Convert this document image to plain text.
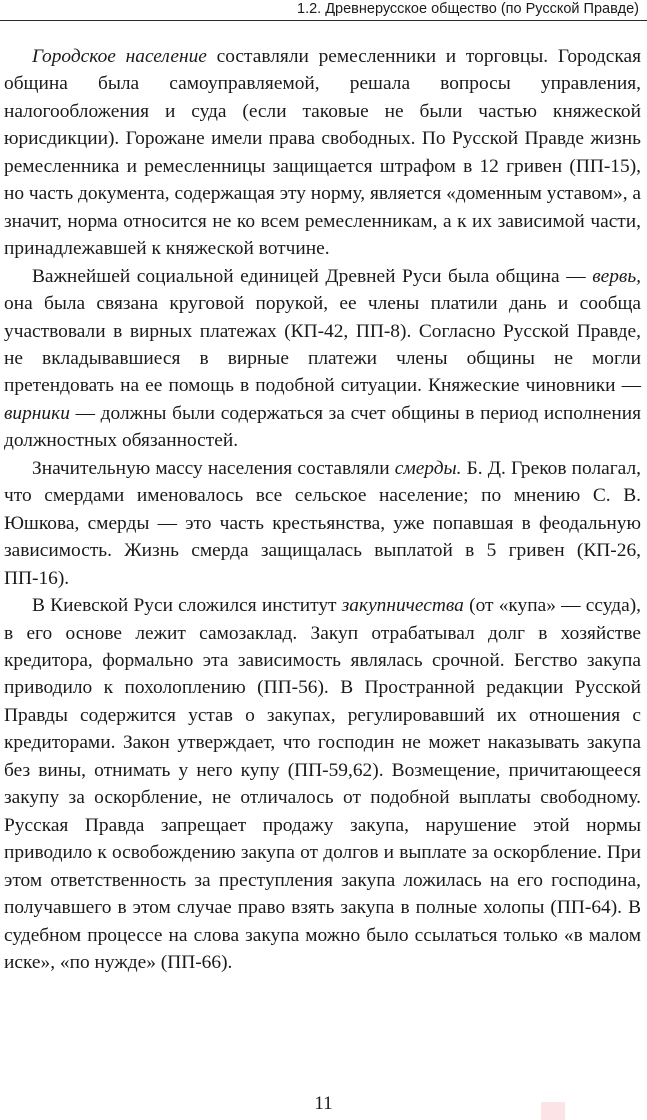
1.2. Древнерусское общество (по Русской Правде)

Городское население составляли ремесленники и торговцы. Городская община была самоуправляемой, решала вопросы управления, налогообложения и суда (если таковые не были частью княжеской юрисдикции). Горожане имели права свободных. По Русской Правде жизнь ремесленника и ремесленницы защищается штрафом в 12 гривен (ПП-15), но часть документа, содержащая эту норму, является «доменным уставом», а значит, норма относится не ко всем ремесленникам, а к их зависимой части, принадлежавшей к княжеской вотчине.

Важнейшей социальной единицей Древней Руси была община — вервь, она была связана круговой порукой, ее члены платили дань и сообща участвовали в вирных платежах (КП-42, ПП-8). Согласно Русской Правде, не вкладывавшиеся в вирные платежи члены общины не могли претендовать на ее помощь в подобной ситуации. Княжеские чиновники — вирники — должны были содержаться за счет общины в период исполнения должностных обязанностей.

Значительную массу населения составляли смерды. Б. Д. Греков полагал, что смердами именовалось все сельское население; по мнению С. В. Юшкова, смерды — это часть крестьянства, уже попавшая в феодальную зависимость. Жизнь смерда защищалась выплатой в 5 гривен (КП-26, ПП-16).

В Киевской Руси сложился институт закупничества (от «купа» — ссуда), в его основе лежит самозаклад. Закуп отрабатывал долг в хозяйстве кредитора, формально эта зависимость являлась срочной. Бегство закупа приводило к похолоплению (ПП-56). В Пространной редакции Русской Правды содержится устав о закупах, регулировавший их отношения с кредиторами. Закон утверждает, что господин не может наказывать закупа без вины, отнимать у него купу (ПП-59,62). Возмещение, причитающееся закупу за оскорбление, не отличалось от подобной выплаты свободному. Русская Правда запрещает продажу закупа, нарушение этой нормы приводило к освобождению закупа от долгов и выплате за оскорбление. При этом ответственность за преступления закупа ложилась на его господина, получавшего в этом случае право взять закупа в полные холопы (ПП-64). В судебном процессе на слова закупа можно было ссылаться только «в малом иске», «по нужде» (ПП-66).

11
